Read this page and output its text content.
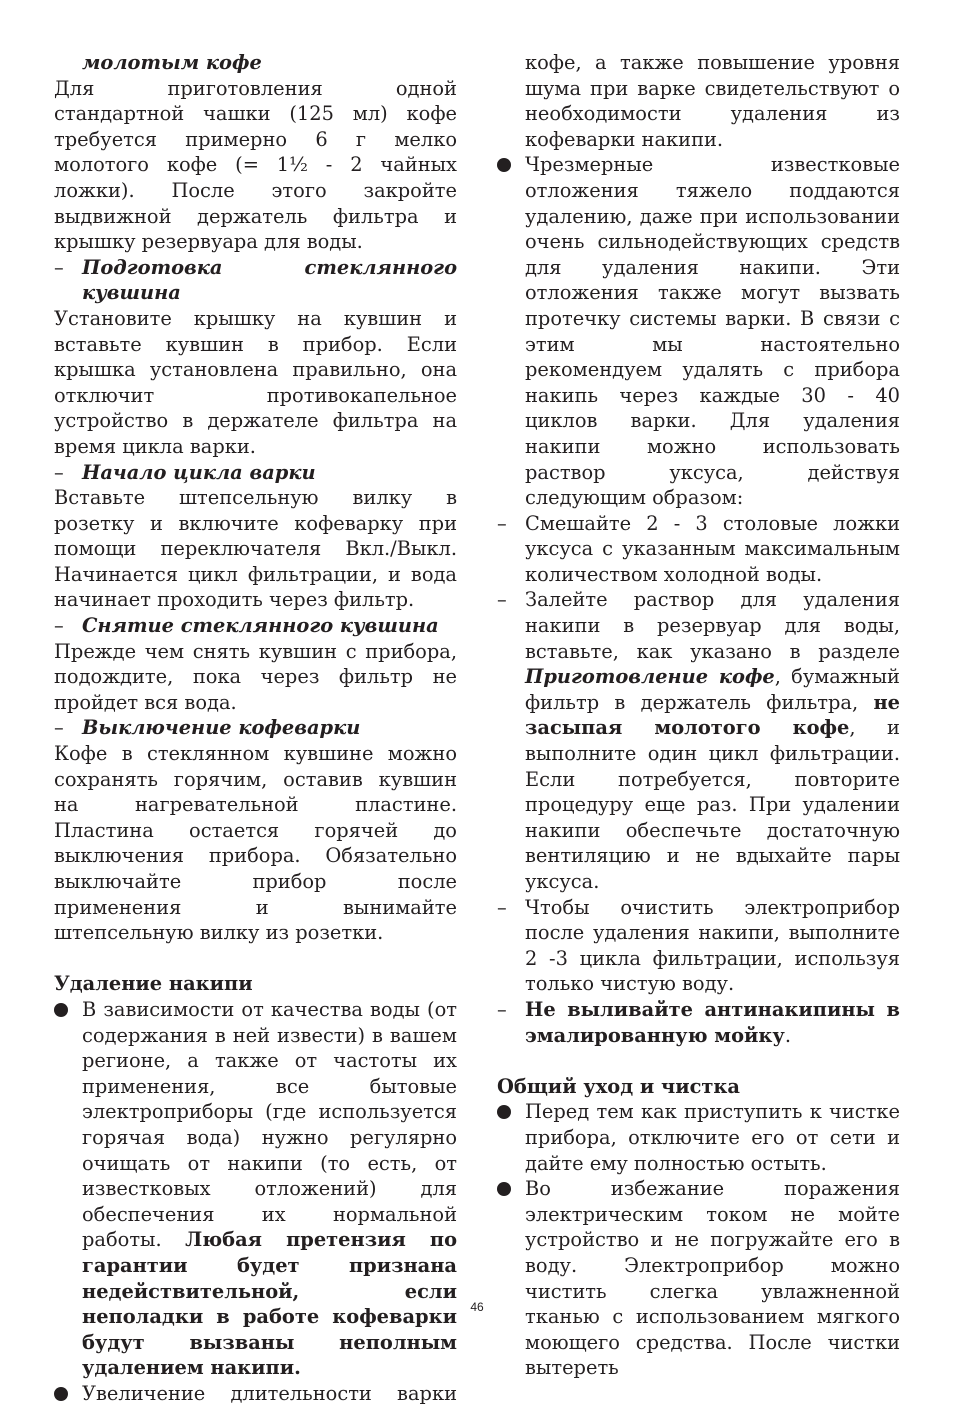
молотым кофе

Для приготовления одной стандартной чашки (125 мл) кофе требуется примерно 6 г мелко молотого кофе (= 1½ - 2 чайных ложки). После этого закройте выдвижной держатель фильтра и крышку резервуара для воды.

– Подготовка стеклянного кувшина

Установите крышку на кувшин и вставьте кувшин в прибор. Если крышка установлена правильно, она отключит противокапельное устройство в держателе фильтра на время цикла варки.

– Начало цикла варки

Вставьте штепсельную вилку в розетку и включите кофеварку при помощи переключателя Вкл./Выкл. Начинается цикл фильтрации, и вода начинает проходить через фильтр.

– Снятие стеклянного кувшина

Прежде чем снять кувшин с прибора, подождите, пока через фильтр не пройдет вся вода.

– Выключение кофеварки

Кофе в стеклянном кувшине можно сохранять горячим, оставив кувшин на нагревательной пластине. Пластина остается горячей до выключения прибора. Обязательно выключайте прибор после применения и вынимайте штепсельную вилку из розетки.

Удаление накипи

В зависимости от качества воды (от содержания в ней извести) в вашем регионе, а также от частоты их применения, все бытовые электроприборы (где используется горячая вода) нужно регулярно очищать от накипи (то есть, от известковых отложений) для обеспечения их нормальной работы. Любая претензия по гарантии будет признана недействительной, если неполадки в работе кофеварки будут вызваны неполным удалением накипи.
Увеличение длительности варки

кофе, а также повышение уровня шума при варке свидетельствуют о необходимости удаления из кофеварки накипи.

Чрезмерные известковые отложения тяжело поддаются удалению, даже при использовании очень сильнодействующих средств для удаления накипи. Эти отложения также могут вызвать протечку системы варки. В связи с этим мы настоятельно рекомендуем удалять с прибора накипь через каждые 30 - 40 циклов варки. Для удаления накипи можно использовать раствор уксуса, действуя следующим образом:
– Смешайте 2 - 3 столовые ложки уксуса с указанным максимальным количеством холодной воды.
– Залейте раствор для удаления накипи в резервуар для воды, вставьте, как указано в разделе Приготовление кофе, бумажный фильтр в держатель фильтра, не засыпая молотого кофе, и выполните один цикл фильтрации. Если потребуется, повторите процедуру еще раз. При удалении накипи обеспечьте достаточную вентиляцию и не вдыхайте пары уксуса.
– Чтобы очистить электроприбор после удаления накипи, выполните 2 -3 цикла фильтрации, используя только чистую воду.
– Не выливайте антинакипины в эмалированную мойку.

Общий уход и чистка

Перед тем как приступить к чистке прибора, отключите его от сети и дайте ему полностью остыть.
Во избежание поражения электрическим током не мойте устройство и не погружайте его в воду. Электроприбор можно чистить слегка увлажненной тканью с использованием мягкого моющего средства. После чистки вытереть
46
